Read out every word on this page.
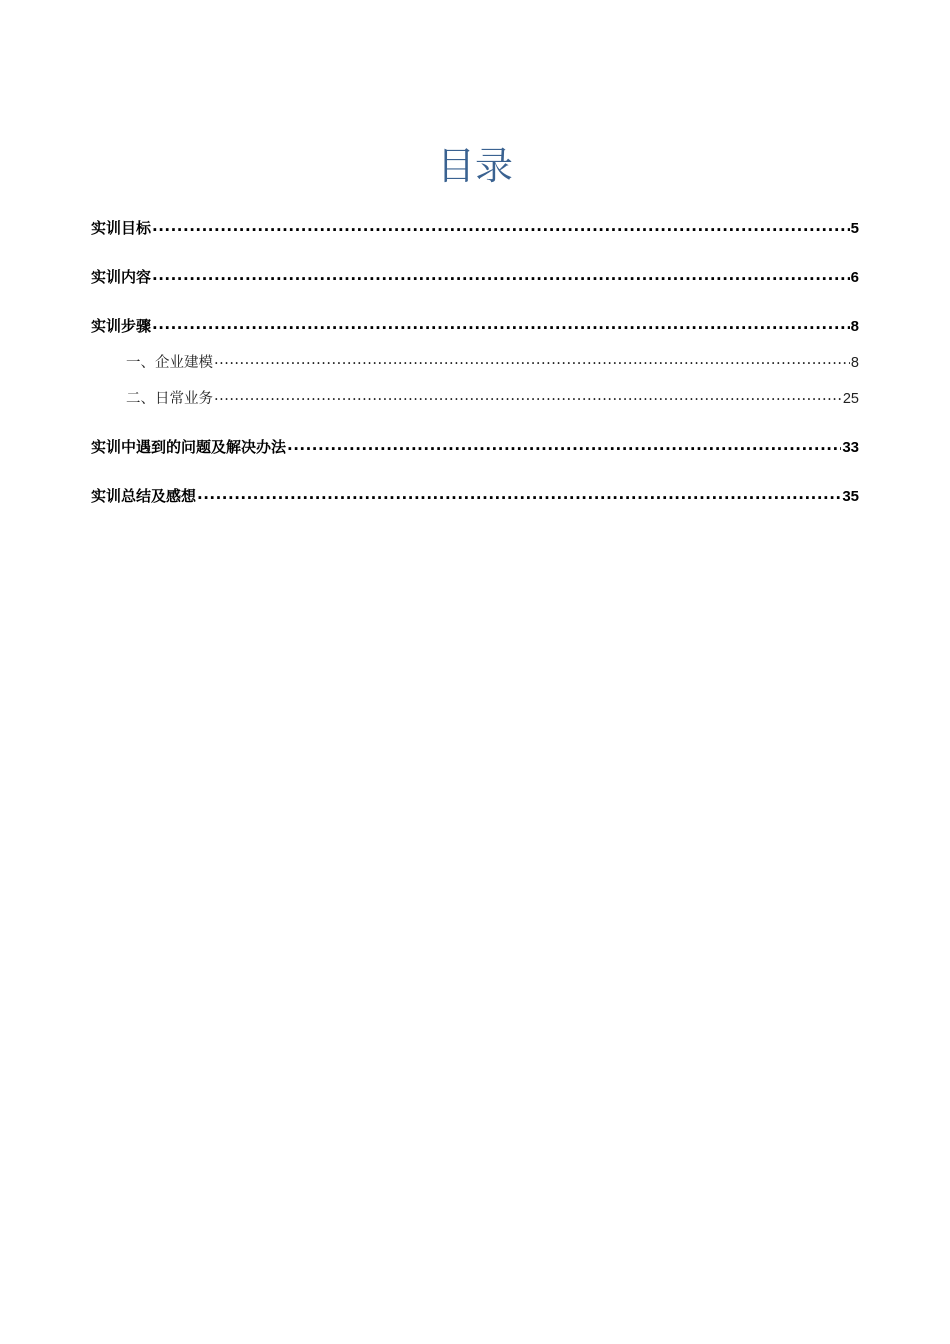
目录
实训目标 .....	5
实训内容 .....	6
实训步骤 .....	8
一、企业建模 .....	8
二、日常业务 .....	25
实训中遇到的问题及解决办法 .....	33
实训总结及感想 .....	35
